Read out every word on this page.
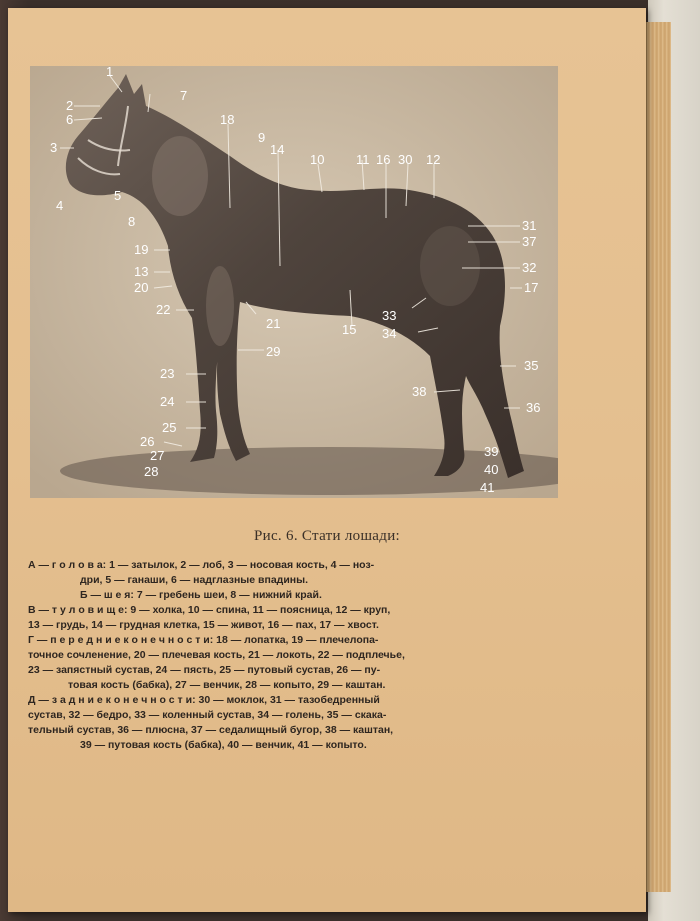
1
2
6
3
4
5
7
8
18
9
14
10 11 16 30 12
19
13
20
22
21
29
15
33
34
31
37
32
17
23
24
25
26
27
28
38
35
36
39
40
41
Рис. 6. Стати лошади:
А — г о л о в а: 1 — затылок, 2 — лоб, 3 — носовая кость, 4 — ноз-
дри, 5 — ганаши, 6 — надглазные впадины.
Б — ш е я: 7 — гребень шеи, 8 — нижний край.
В — т у л о в и щ е: 9 — холка, 10 — спина, 11 — поясница, 12 — круп,
13 — грудь, 14 — грудная клетка, 15 — живот, 16 — пах, 17 — хвост.
Г — п е р е д н и е к о н е ч н о с т и: 18 — лопатка, 19 — плечелопа-
точное сочленение, 20 — плечевая кость, 21 — локоть, 22 — подплечье,
23 — запястный сустав, 24 — пясть, 25 — путовый сустав, 26 — пу-
товая кость (бабка), 27 — венчик, 28 — копыто, 29 — каштан.
Д — з а д н и е к о н е ч н о с т и: 30 — моклок, 31 — тазобедренный
сустав, 32 — бедро, 33 — коленный сустав, 34 — голень, 35 — скака-
тельный сустав, 36 — плюсна, 37 — седалищный бугор, 38 — каштан,
39 — путовая кость (бабка), 40 — венчик, 41 — копыто.
